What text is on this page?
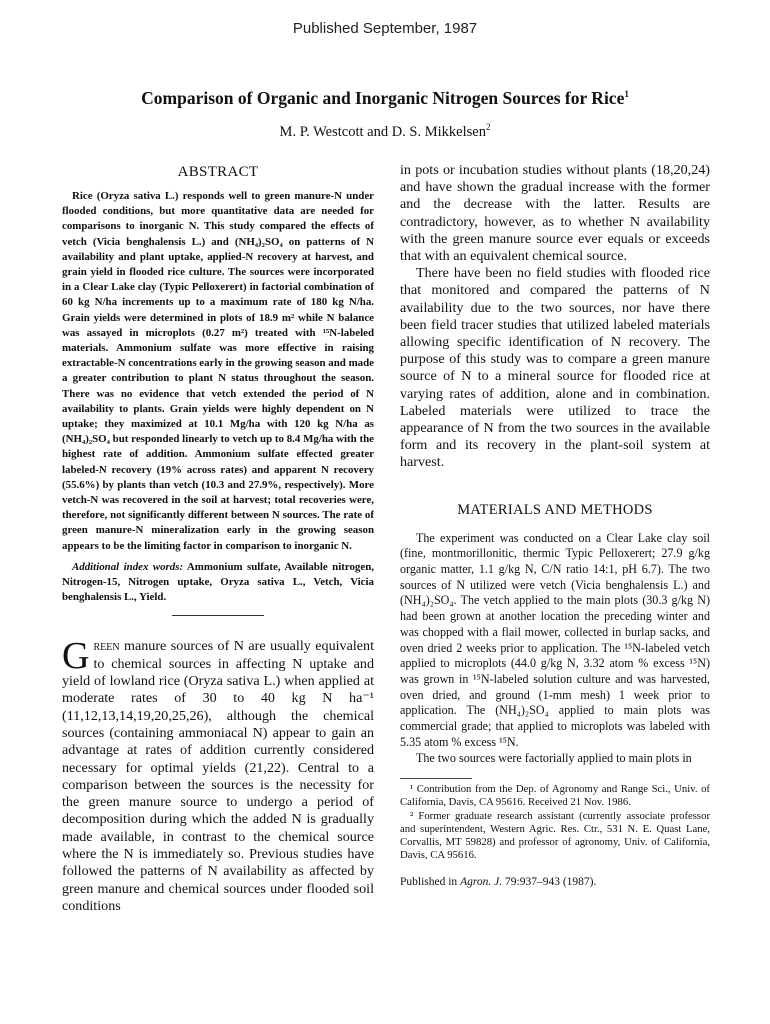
Published September, 1987
Comparison of Organic and Inorganic Nitrogen Sources for Rice$^1$
M. P. Westcott and D. S. Mikkelsen$^2$
ABSTRACT

Rice (Oryza sativa L.) responds well to green manure-N under flooded conditions, but more quantitative data are needed for comparisons to inorganic N. This study compared the effects of vetch (Vicia benghalensis L.) and (NH₄)₂SO₄ on patterns of N availability and plant uptake, applied-N recovery at harvest, and grain yield in flooded rice culture. The sources were incorporated in a Clear Lake clay (Typic Pelloxerert) in factorial combination of 60 kg N/ha increments up to a maximum rate of 180 kg N/ha. Grain yields were determined in plots of 18.9 m² while N balance was assayed in microplots (0.27 m²) treated with ¹⁵N-labeled materials. Ammonium sulfate was more effective in raising extractable-N concentrations early in the growing season and made a greater contribution to plant N status throughout the season. There was no evidence that vetch extended the period of N availability to plants. Grain yields were highly dependent on N uptake; they maximized at 10.1 Mg/ha with 120 kg N/ha as (NH₄)₂SO₄ but responded linearly to vetch up to 8.4 Mg/ha with the highest rate of addition. Ammonium sulfate effected greater labeled-N recovery (19% across rates) and apparent N recovery (55.6%) by plants than vetch (10.3 and 27.9%, respectively). More vetch-N was recovered in the soil at harvest; total recoveries were, therefore, not significantly different between N sources. The rate of green manure-N mineralization early in the growing season appears to be the limiting factor in comparison to inorganic N.

Additional index words: Ammonium sulfate, Available nitrogen, Nitrogen-15, Nitrogen uptake, Oryza sativa L., Vetch, Vicia benghalensis L., Yield.

Green manure sources of N are usually equivalent to chemical sources in affecting N uptake and yield of lowland rice (Oryza sativa L.) when applied at moderate rates of 30 to 40 kg N ha⁻¹ (11,12,13,14,19,20,25,26), although the chemical sources (containing ammoniacal N) appear to gain an advantage at rates of addition currently considered necessary for optimal yields (21,22). Central to a comparison between the sources is the necessity for the green manure source to undergo a period of decomposition during which the added N is gradually made available, in contrast to the chemical source where the N is immediately so. Previous studies have followed the patterns of N availability as affected by green manure and chemical sources under flooded soil conditions

in pots or incubation studies without plants (18,20,24) and have shown the gradual increase with the former and the decrease with the latter. Results are contradictory, however, as to whether N availability with the green manure source ever equals or exceeds that with an equivalent chemical source.

There have been no field studies with flooded rice that monitored and compared the patterns of N availability due to the two sources, nor have there been field tracer studies that utilized labeled materials allowing specific identification of N recovery. The purpose of this study was to compare a green manure source of N to a mineral source for flooded rice at varying rates of addition, alone and in combination. Labeled materials were utilized to trace the appearance of N from the two sources in the available form and its recovery in the plant-soil system at harvest.

MATERIALS AND METHODS

The experiment was conducted on a Clear Lake clay soil (fine, montmorillonitic, thermic Typic Pelloxerert; 27.9 g/kg organic matter, 1.1 g/kg N, C/N ratio 14:1, pH 6.7). The two sources of N utilized were vetch (Vicia benghalensis L.) and (NH₄)₂SO₄. The vetch applied to the main plots (30.3 g/kg N) had been grown at another location the preceding winter and was chopped with a flail mower, collected in burlap sacks, and oven dried 2 weeks prior to application. The ¹⁵N-labeled vetch applied to microplots (44.0 g/kg N, 3.32 atom % excess ¹⁵N) was grown in ¹⁵N-labeled solution culture and was harvested, oven dried, and ground (1-mm mesh) 1 week prior to application. The (NH₄)₂SO₄ applied to main plots was commercial grade; that applied to microplots was labeled with 5.35 atom % excess ¹⁵N.

The two sources were factorially applied to main plots in

¹ Contribution from the Dep. of Agronomy and Range Sci., Univ. of California, Davis, CA 95616. Received 21 Nov. 1986.

² Former graduate research assistant (currently associate professor and superintendent, Western Agric. Res. Ctr., 531 N. E. Quast Lane, Corvallis, MT 59828) and professor of agronomy, Univ. of California, Davis, CA 95616.

Published in Agron. J. 79:937–943 (1987).
